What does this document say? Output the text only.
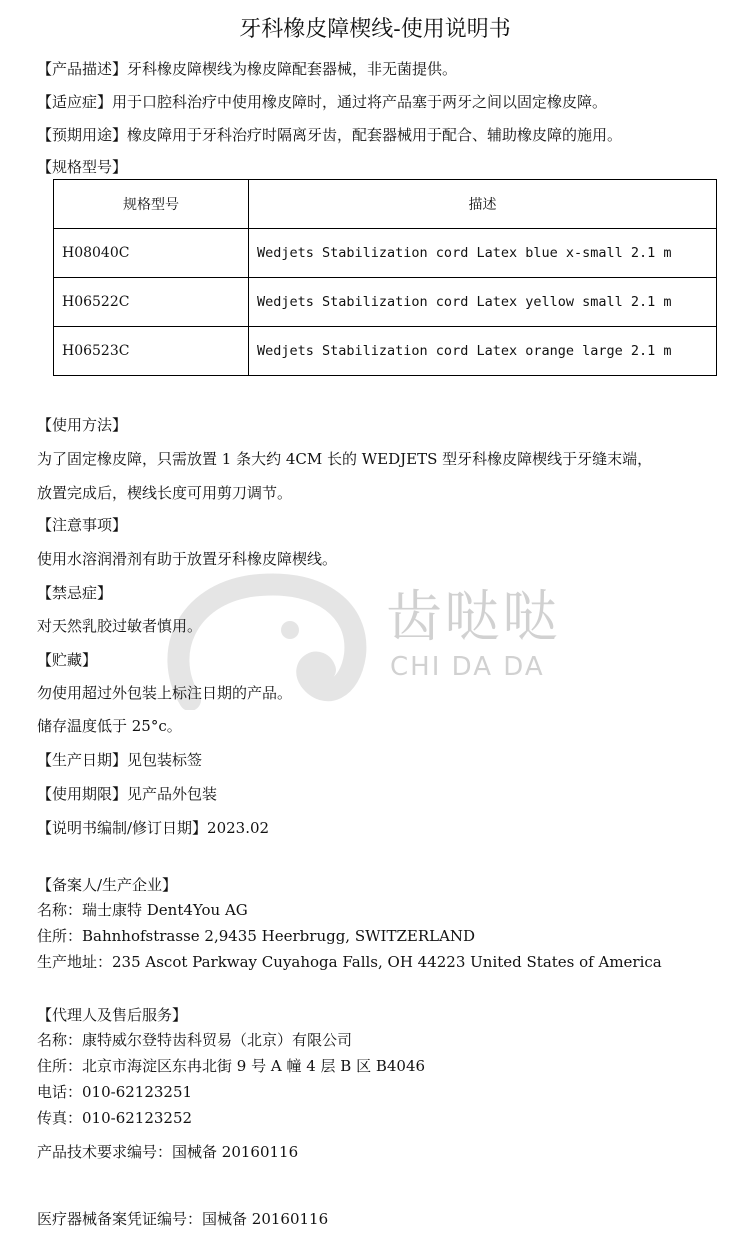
齿哒哒
CHI DA DA
牙科橡皮障楔线-使用说明书
【产品描述】牙科橡皮障楔线为橡皮障配套器械，非无菌提供。
【适应症】用于口腔科治疗中使用橡皮障时，通过将产品塞于两牙之间以固定橡皮障。
【预期用途】橡皮障用于牙科治疗时隔离牙齿，配套器械用于配合、辅助橡皮障的施用。
【规格型号】
规格型号	描述
H08040C	Wedjets Stabilization cord Latex blue x-small 2.1 m
H06522C	Wedjets Stabilization cord Latex yellow small 2.1 m
H06523C	Wedjets Stabilization cord Latex orange large 2.1 m
【使用方法】
为了固定橡皮障，只需放置 1 条大约 4CM 长的 WEDJETS 型牙科橡皮障楔线于牙缝末端，
放置完成后，楔线长度可用剪刀调节。
【注意事项】
使用水溶润滑剂有助于放置牙科橡皮障楔线。
【禁忌症】
对天然乳胶过敏者慎用。
【贮藏】
勿使用超过外包装上标注日期的产品。
储存温度低于 25°c。
【生产日期】见包装标签
【使用期限】见产品外包装
【说明书编制/修订日期】2023.02
【备案人/生产企业】
名称：瑞士康特 Dent4You AG
住所：Bahnhofstrasse 2,9435 Heerbrugg, SWITZERLAND
生产地址：235 Ascot Parkway Cuyahoga Falls, OH 44223 United States of America
【代理人及售后服务】
名称：康特威尔登特齿科贸易（北京）有限公司
住所：北京市海淀区东冉北街 9 号 A 幢 4 层 B 区 B4046
电话：010-62123251
传真：010-62123252
产品技术要求编号：国械备 20160116
医疗器械备案凭证编号：国械备 20160116
